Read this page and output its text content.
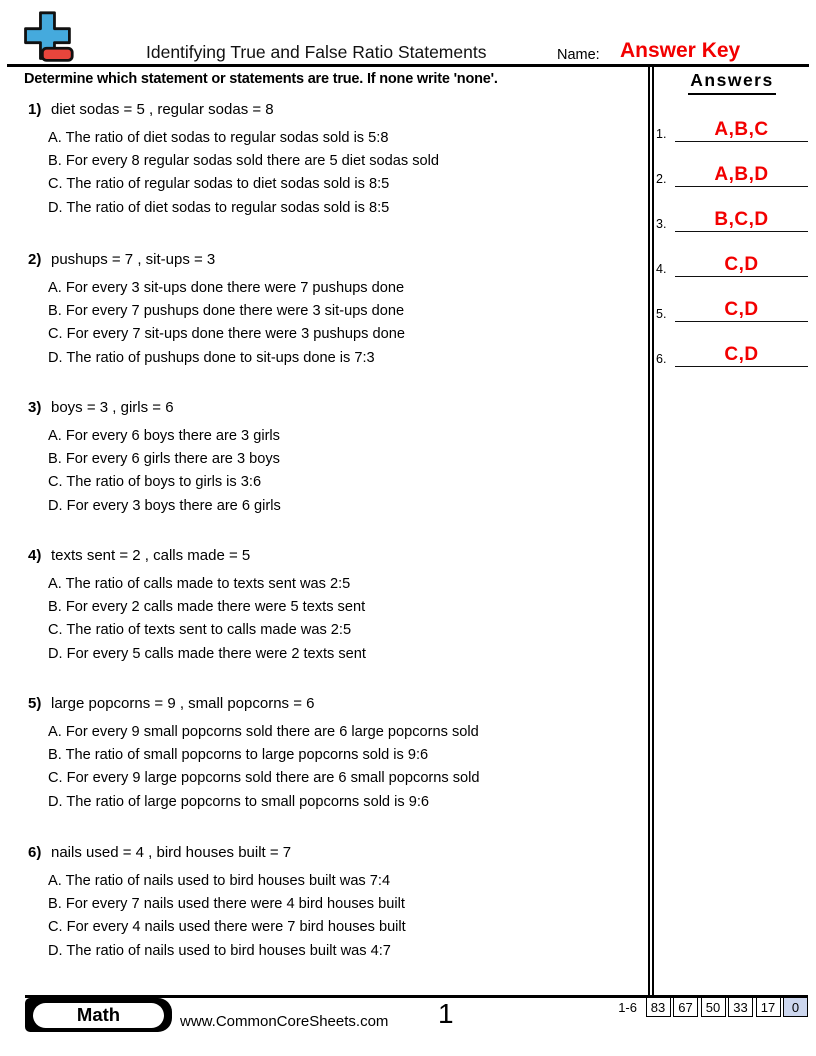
Identifying True and False Ratio Statements	Name: Answer Key
Determine which statement or statements are true. If none write 'none'.	Answers
1.	A,B,C
2.	A,B,D
3.	B,C,D
4.	C,D
5.	C,D
6.	C,D
1) diet sodas = 5 , regular sodas = 8
A. The ratio of diet sodas to regular sodas sold is 5:8
B. For every 8 regular sodas sold there are 5 diet sodas sold
C. The ratio of regular sodas to diet sodas sold is 8:5
D. The ratio of diet sodas to regular sodas sold is 8:5
2) pushups = 7 , sit-ups = 3
A. For every 3 sit-ups done there were 7 pushups done
B. For every 7 pushups done there were 3 sit-ups done
C. For every 7 sit-ups done there were 3 pushups done
D. The ratio of pushups done to sit-ups done is 7:3
3) boys = 3 , girls = 6
A. For every 6 boys there are 3 girls
B. For every 6 girls there are 3 boys
C. The ratio of boys to girls is 3:6
D. For every 3 boys there are 6 girls
4) texts sent = 2 , calls made = 5
A. The ratio of calls made to texts sent was 2:5
B. For every 2 calls made there were 5 texts sent
C. The ratio of texts sent to calls made was 2:5
D. For every 5 calls made there were 2 texts sent
5) large popcorns = 9 , small popcorns = 6
A. For every 9 small popcorns sold there are 6 large popcorns sold
B. The ratio of small popcorns to large popcorns sold is 9:6
C. For every 9 large popcorns sold there are 6 small popcorns sold
D. The ratio of large popcorns to small popcorns sold is 9:6
6) nails used = 4 , bird houses built = 7
A. The ratio of nails used to bird houses built was 7:4
B. For every 7 nails used there were 4 bird houses built
C. For every 4 nails used there were 7 bird houses built
D. The ratio of nails used to bird houses built was 4:7
Math	www.CommonCoreSheets.com 1	1-6	83	67	50	33	17	0
